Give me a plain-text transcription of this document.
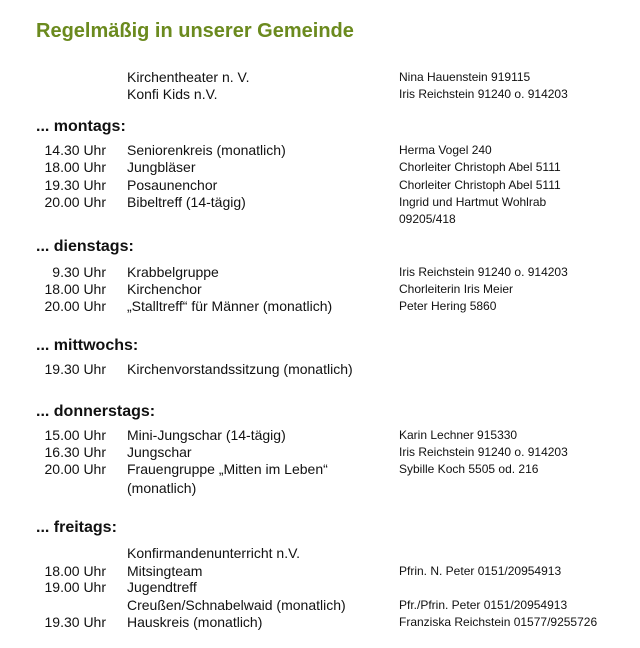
Regelmäßig in unserer Gemeinde
Kirchentheater n. V.	Nina Hauenstein 919115
Konfi Kids n.V.	Iris Reichstein 91240 o. 914203
... montags:
14.30 Uhr Seniorenkreis (monatlich)	Herma Vogel 240
18.00 Uhr Jungbläser	Chorleiter Christoph Abel 5111
19.30 Uhr Posaunenchor	Chorleiter Christoph Abel 5111
20.00 Uhr Bibeltreff (14-tägig)	Ingrid und Hartmut Wohlrab
09205/418
... dienstags:
9.30 Uhr Krabbelgruppe	Iris Reichstein 91240 o. 914203
18.00 Uhr Kirchenchor	Chorleiterin Iris Meier
20.00 Uhr „Stalltreff“ für Männer (monatlich)	Peter Hering 5860
... mittwochs:
19.30 Uhr Kirchenvorstandssitzung (monatlich)
... donnerstags:
15.00 Uhr Mini-Jungschar (14-tägig)	Karin Lechner 915330
16.30 Uhr Jungschar	Iris Reichstein 91240 o. 914203
20.00 Uhr Frauengruppe „Mitten im Leben“	Sybille Koch 5505 od. 216
(monatlich)
... freitags:
Konfirmandenunterricht n.V.
18.00 Uhr Mitsingteam	Pfrin. N. Peter 0151/20954913
19.00 Uhr Jugendtreff
Creußen/Schnabelwaid (monatlich)	Pfr./Pfrin. Peter 0151/20954913
19.30 Uhr Hauskreis (monatlich)	Franziska Reichstein 01577/9255726
